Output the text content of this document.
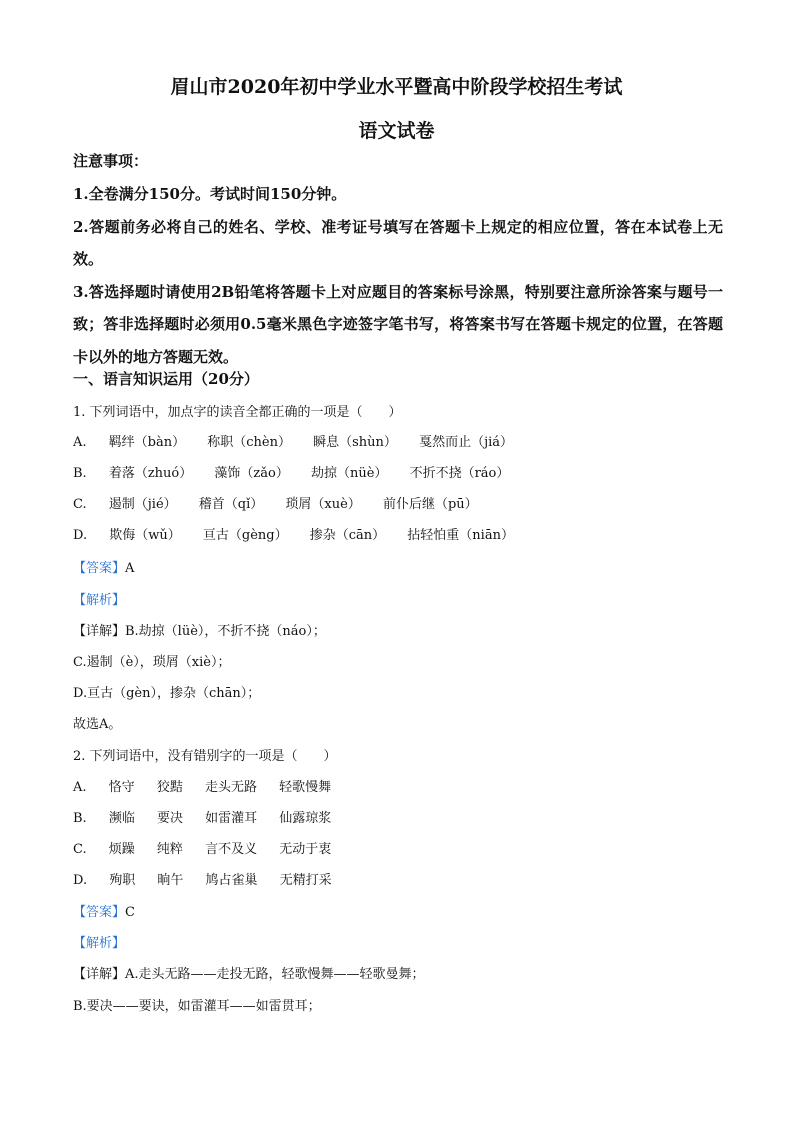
眉山市2020年初中学业水平暨高中阶段学校招生考试
语文试卷
注意事项：

1.全卷满分150分。考试时间150分钟。

2.答题前务必将自己的姓名、学校、准考证号填写在答题卡上规定的相应位置，答在本试卷上无效。

3.答选择题时请使用2B铅笔将答题卡上对应题目的答案标号涂黑，特别要注意所涂答案与题号一致；答非选择题时必须用0.5毫米黑色字迹签字笔书写，将答案书写在答题卡规定的位置，在答题卡以外的地方答题无效。

一、语言知识运用（20分）
1. 下列词语中，加点字的读音全都正确的一项是（　　）
A. 羁绊（bàn） 称职（chèn） 瞬息（shùn） 戛然而止（jiá）
B. 着落（zhuó） 藻饰（zǎo） 劫掠（nüè） 不折不挠（ráo）
C. 遏制（jié） 稽首（qǐ） 琐屑（xuè） 前仆后继（pū）
D. 欺侮（wǔ） 亘古（gèng） 掺杂（cān） 拈轻怕重（niān）
【答案】A
【解析】
【详解】B.劫掠（lüè），不折不挠（náo）；
C.遏制（è），琐屑（xiè）；
D.亘古（gèn），掺杂（chān）；
故选A。
2. 下列词语中，没有错别字的一项是（　　）
A. 恪守 狡黠 走头无路 轻歌慢舞
B. 濒临 要决 如雷灌耳 仙露琼浆
C. 烦躁 纯粹 言不及义 无动于衷
D. 殉职 晌午 鸠占雀巢 无精打采
【答案】C
【解析】
【详解】A.走头无路——走投无路，轻歌慢舞——轻歌曼舞；
B.要决——要诀，如雷灌耳——如雷贯耳；
